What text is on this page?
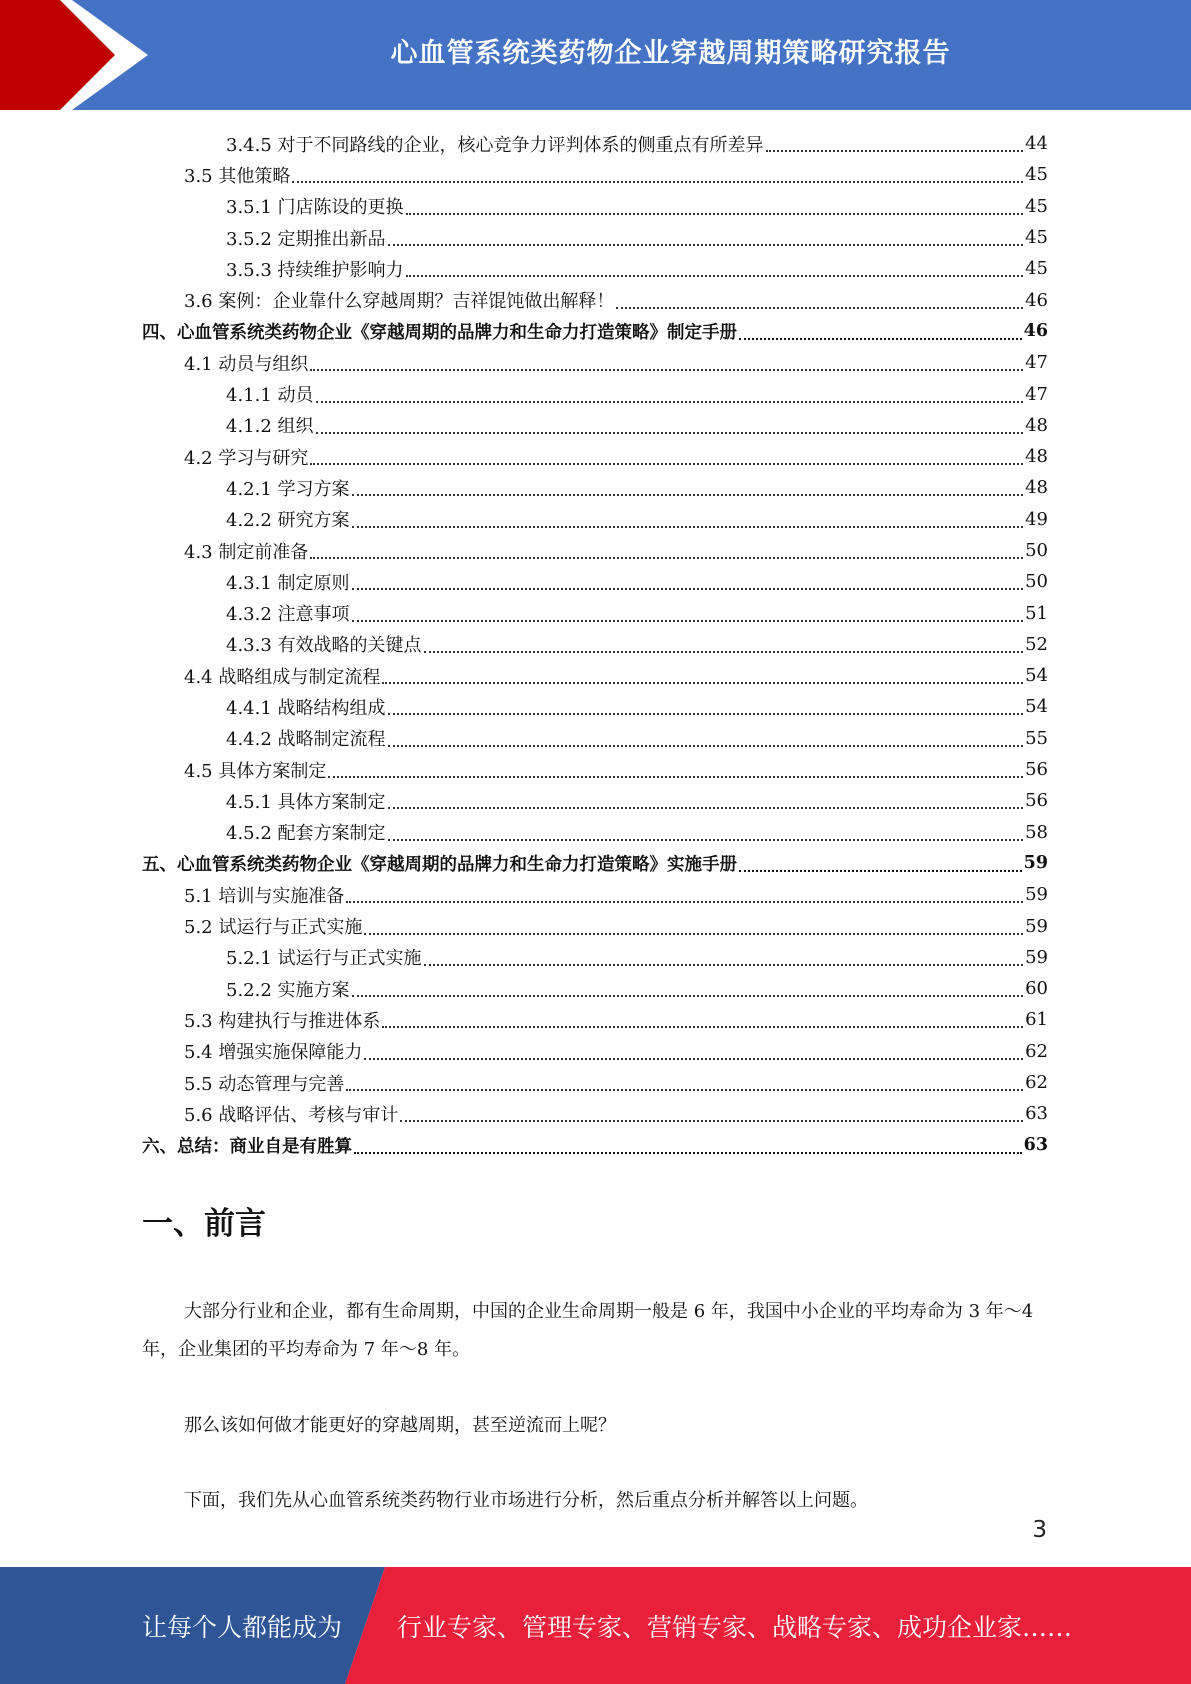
心血管系统类药物企业穿越周期策略研究报告
3.4.5 对于不同路线的企业，核心竞争力评判体系的侧重点有所差异	44
3.5 其他策略	45
3.5.1 门店陈设的更换	45
3.5.2 定期推出新品	45
3.5.3 持续维护影响力	45
3.6 案例：企业靠什么穿越周期？吉祥馄饨做出解释！	46
四、心血管系统类药物企业《穿越周期的品牌力和生命力打造策略》制定手册	46
4.1 动员与组织	47
4.1.1 动员	47
4.1.2 组织	48
4.2 学习与研究	48
4.2.1 学习方案	48
4.2.2 研究方案	49
4.3 制定前准备	50
4.3.1 制定原则	50
4.3.2 注意事项	51
4.3.3 有效战略的关键点	52
4.4 战略组成与制定流程	54
4.4.1 战略结构组成	54
4.4.2 战略制定流程	55
4.5 具体方案制定	56
4.5.1 具体方案制定	56
4.5.2 配套方案制定	58
五、心血管系统类药物企业《穿越周期的品牌力和生命力打造策略》实施手册	59
5.1 培训与实施准备	59
5.2 试运行与正式实施	59
5.2.1 试运行与正式实施	59
5.2.2 实施方案	60
5.3 构建执行与推进体系	61
5.4 增强实施保障能力	62
5.5 动态管理与完善	62
5.6 战略评估、考核与审计	63
六、总结：商业自是有胜算	63
一、前言

大部分行业和企业，都有生命周期，中国的企业生命周期一般是 6 年，我国中小企业的平均寿命为 3 年～4 年，企业集团的平均寿命为 7 年～8 年。

那么该如何做才能更好的穿越周期，甚至逆流而上呢？

下面，我们先从心血管系统类药物行业市场进行分析，然后重点分析并解答以上问题。

3
让每个人都能成为 行业专家、管理专家、营销专家、战略专家、成功企业家……
